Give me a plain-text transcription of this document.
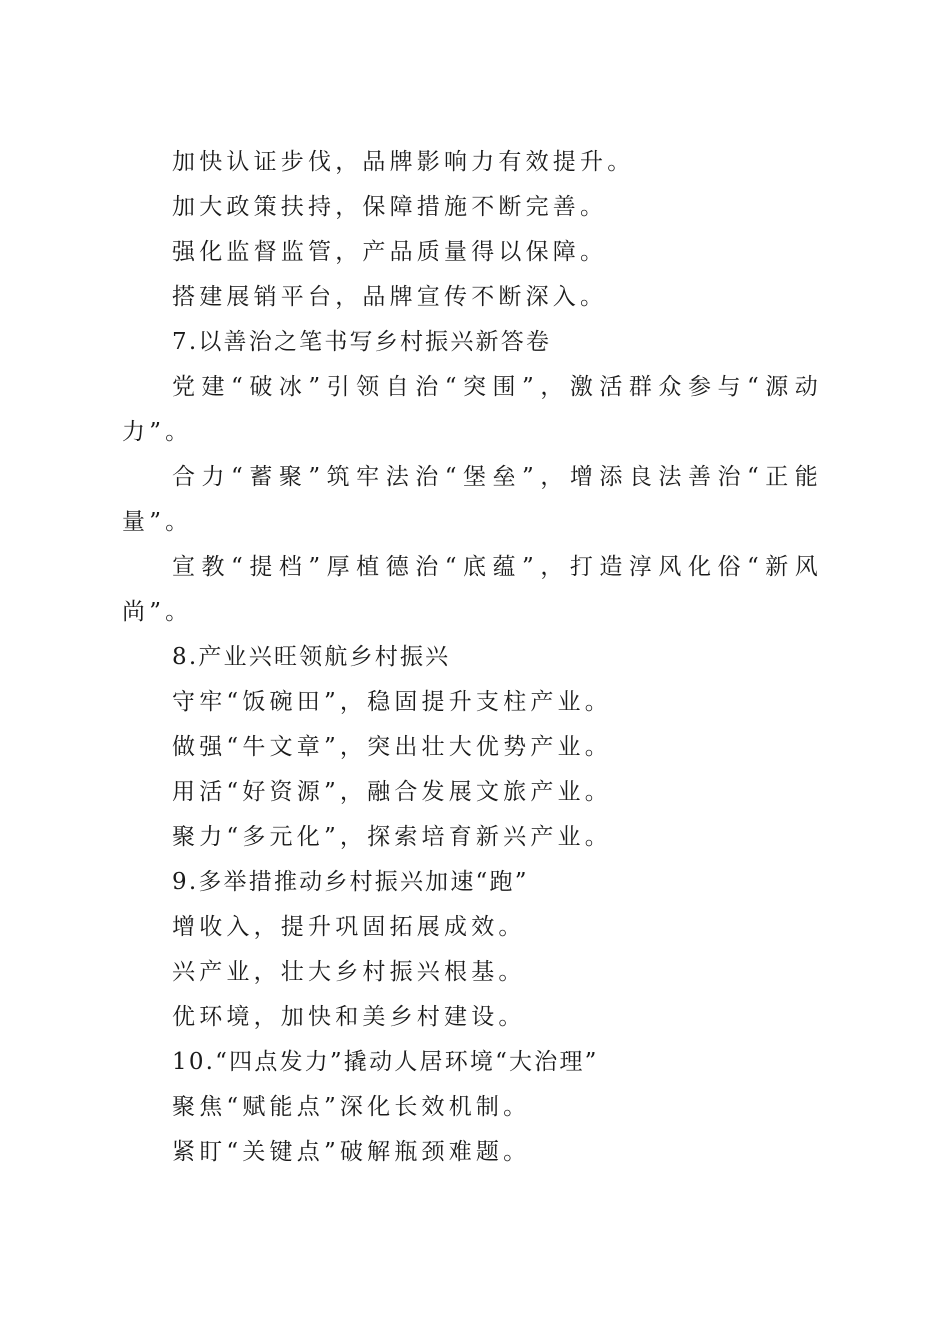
加快认证步伐，品牌影响力有效提升。

加大政策扶持，保障措施不断完善。

强化监督监管，产品质量得以保障。

搭建展销平台，品牌宣传不断深入。

7.以善治之笔书写乡村振兴新答卷

党建“破冰”引领自治“突围”，激活群众参与“源动力”。

合力“蓄聚”筑牢法治“堡垒”，增添良法善治“正能量”。

宣教“提档”厚植德治“底蕴”，打造淳风化俗“新风尚”。

8.产业兴旺领航乡村振兴

守牢“饭碗田”，稳固提升支柱产业。

做强“牛文章”，突出壮大优势产业。

用活“好资源”，融合发展文旅产业。

聚力“多元化”，探索培育新兴产业。

9.多举措推动乡村振兴加速“跑”

增收入，提升巩固拓展成效。

兴产业，壮大乡村振兴根基。

优环境，加快和美乡村建设。

10.“四点发力”撬动人居环境“大治理”

聚焦“赋能点”深化长效机制。

紧盯“关键点”破解瓶颈难题。
